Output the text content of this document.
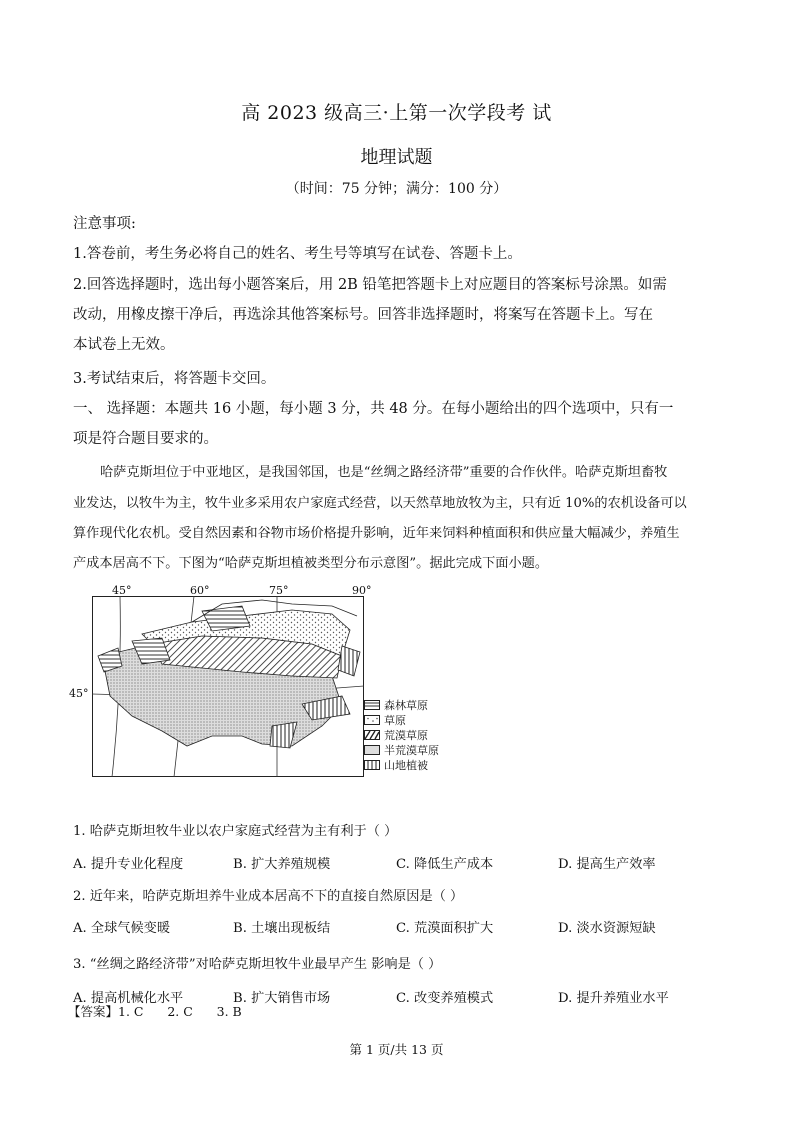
高 2023 级高三·上第一次学段考 试
地理试题
（时间：75 分钟；满分：100 分）
注意事项:
1.答卷前，考生务必将自己的姓名、考生号等填写在试卷、答题卡上。
2.回答选择题时，选出每小题答案后，用 2B 铅笔把答题卡上对应题目的答案标号涂黑。如需
改动，用橡皮擦干净后，再选涂其他答案标号。回答非选择题时，将案写在答题卡上。写在
本试卷上无效。
3.考试结束后，将答题卡交回。
一、 选择题：本题共 16 小题，每小题 3 分，共 48 分。在每小题给出的四个选项中，只有一
项是符合题目要求的。
哈萨克斯坦位于中亚地区，是我国邻国，也是“丝绸之路经济带”重要的合作伙伴。哈萨克斯坦畜牧
业发达，以牧牛为主，牧牛业多采用农户家庭式经营，以天然草地放牧为主，只有近 10%的农机设备可以
算作现代化农机。受自然因素和谷物市场价格提升影响，近年来饲料种植面积和供应量大幅减少，养殖生
产成本居高不下。下图为“哈萨克斯坦植被类型分布示意图”。据此完成下面小题。
45°	60°	75°	90°
45°
森林草原
草原
荒漠草原
半荒漠草原
山地植被
1. 哈萨克斯坦牧牛业以农户家庭式经营为主有利于（ ）
A. 提升专业化程度	B. 扩大养殖规模	C. 降低生产成本	D. 提高生产效率
2. 近年来，哈萨克斯坦养牛业成本居高不下的直接自然原因是（ ）
A. 全球气候变暖	B. 土壤出现板结	C. 荒漠面积扩大	D. 淡水资源短缺
3. “丝绸之路经济带”对哈萨克斯坦牧牛业最早产生 影响是（ ）
A. 提高机械化水平	B. 扩大销售市场	C. 改变养殖模式	D. 提升养殖业水平
【答案】1. C      2. C      3. B
第 1 页/共 13 页
